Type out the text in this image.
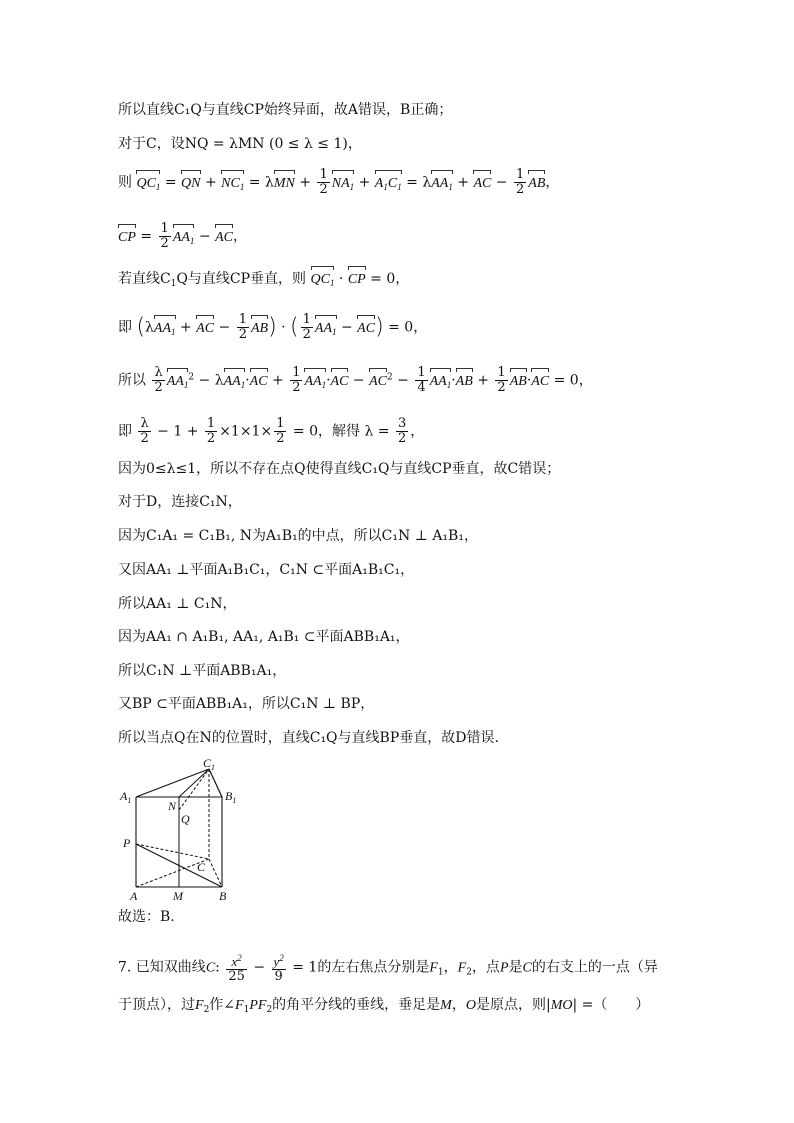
所以直线C₁Q与直线CP始终异面，故A错误，B正确；
对于C，设NQ = λMN (0 ≤ λ ≤ 1)，
则 $QC_1$ = QN + $NC_1 = \lambda MN + \frac{1}{2} NA_1 + A_1C_1 = \lambda AA_1$ + AC − $\frac{1}{2}$ AB，
CP = $\frac{1}{2} AA_1$ − AC，
若直线$C_1Q$与直线CP垂直，则 $QC_1$ · CP = 0，
即 (λAA$_1$ + AC − $\frac{1}{2} AB$) · ( $\frac{1}{2} AA_1 - AC) = 0$，
所以 $\frac{\lambda}{2} AA_1^2 - \lambda AA_1\cdot AC + \frac{1}{2} AA_1\cdot AC - AC^2 - \frac{1}{4} AA_1\cdot AB + \frac{1}{2} AB\cdot AC = 0$，
即 $\frac{\lambda}{2} - 1 + \frac{1}{2} \times 1\times 1\times \frac{1}{2} = 0$，解得 $\lambda = \frac{3}{2}$ ，
因为0≤λ≤1，所以不存在点Q使得直线C₁Q与直线CP垂直，故C错误；
对于D，连接C₁N，
因为C₁A₁ = C₁B₁, N为A₁B₁的中点，所以C₁N ⊥ A₁B₁，
又因AA₁ ⊥平面A₁B₁C₁，C₁N ⊂平面A₁B₁C₁，
所以AA₁ ⊥ C₁N，
因为AA₁ ∩ A₁B₁, AA₁, A₁B₁ ⊂平面ABB₁A₁，
所以C₁N ⊥平面ABB₁A₁，
又BP ⊂平面ABB₁A₁，所以C₁N ⊥ BP，
所以当点Q在N的位置时，直线C₁Q与直线BP垂直，故D错误.
$C_1$
$A_1$	$B_1$
N
Q
P
C
A	M	B
故选：B.
7. 已知双曲线C: $\frac{x^2}{25} - \frac{y^2}{9} = 1$的左右焦点分别是$F_1$，$F_2$，点P是C的右支上的一点（异
于顶点），过$F_2$作$\angle F_1PF_2$的角平分线的垂线，垂足是M，O是原点，则|MO| =（　　）
